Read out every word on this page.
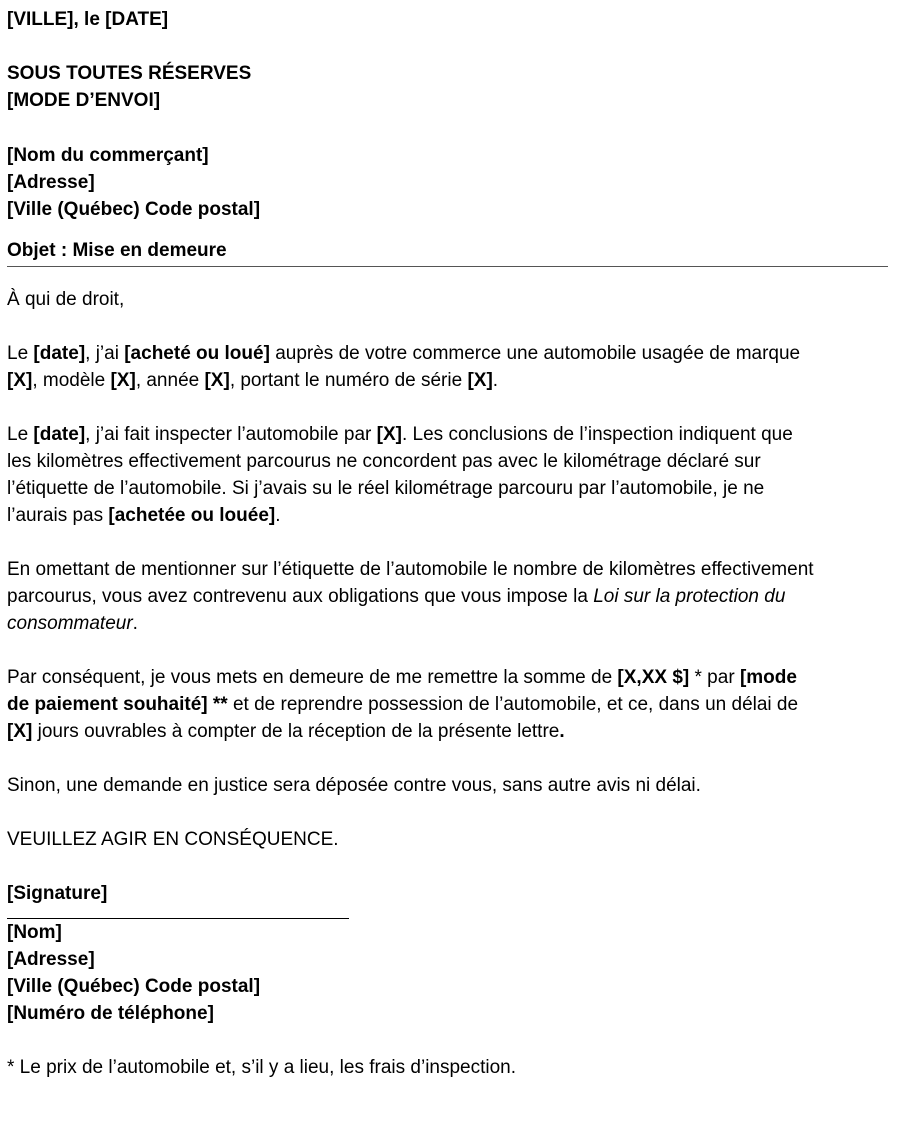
[VILLE], le [DATE]
SOUS TOUTES RÉSERVES
[MODE D’ENVOI]
[Nom du commerçant]
[Adresse]
[Ville (Québec) Code postal]
Objet : Mise en demeure
À qui de droit,
Le [date], j’ai [acheté ou loué] auprès de votre commerce une automobile usagée de marque
[X], modèle [X], année [X], portant le numéro de série [X].
Le [date], j’ai fait inspecter l’automobile par [X]. Les conclusions de l’inspection indiquent que
les kilomètres effectivement parcourus ne concordent pas avec le kilométrage déclaré sur
l’étiquette de l’automobile. Si j’avais su le réel kilométrage parcouru par l’automobile, je ne
l’aurais pas [achetée ou louée].
En omettant de mentionner sur l’étiquette de l’automobile le nombre de kilomètres effectivement
parcourus, vous avez contrevenu aux obligations que vous impose la Loi sur la protection du
consommateur.
Par conséquent, je vous mets en demeure de me remettre la somme de [X,XX $] * par [mode
de paiement souhaité] ** et de reprendre possession de l’automobile, et ce, dans un délai de
[X] jours ouvrables à compter de la réception de la présente lettre.
Sinon, une demande en justice sera déposée contre vous, sans autre avis ni délai.
VEUILLEZ AGIR EN CONSÉQUENCE.
[Signature]
[Nom]
[Adresse]
[Ville (Québec) Code postal]
[Numéro de téléphone]
* Le prix de l’automobile et, s’il y a lieu, les frais d’inspection.
